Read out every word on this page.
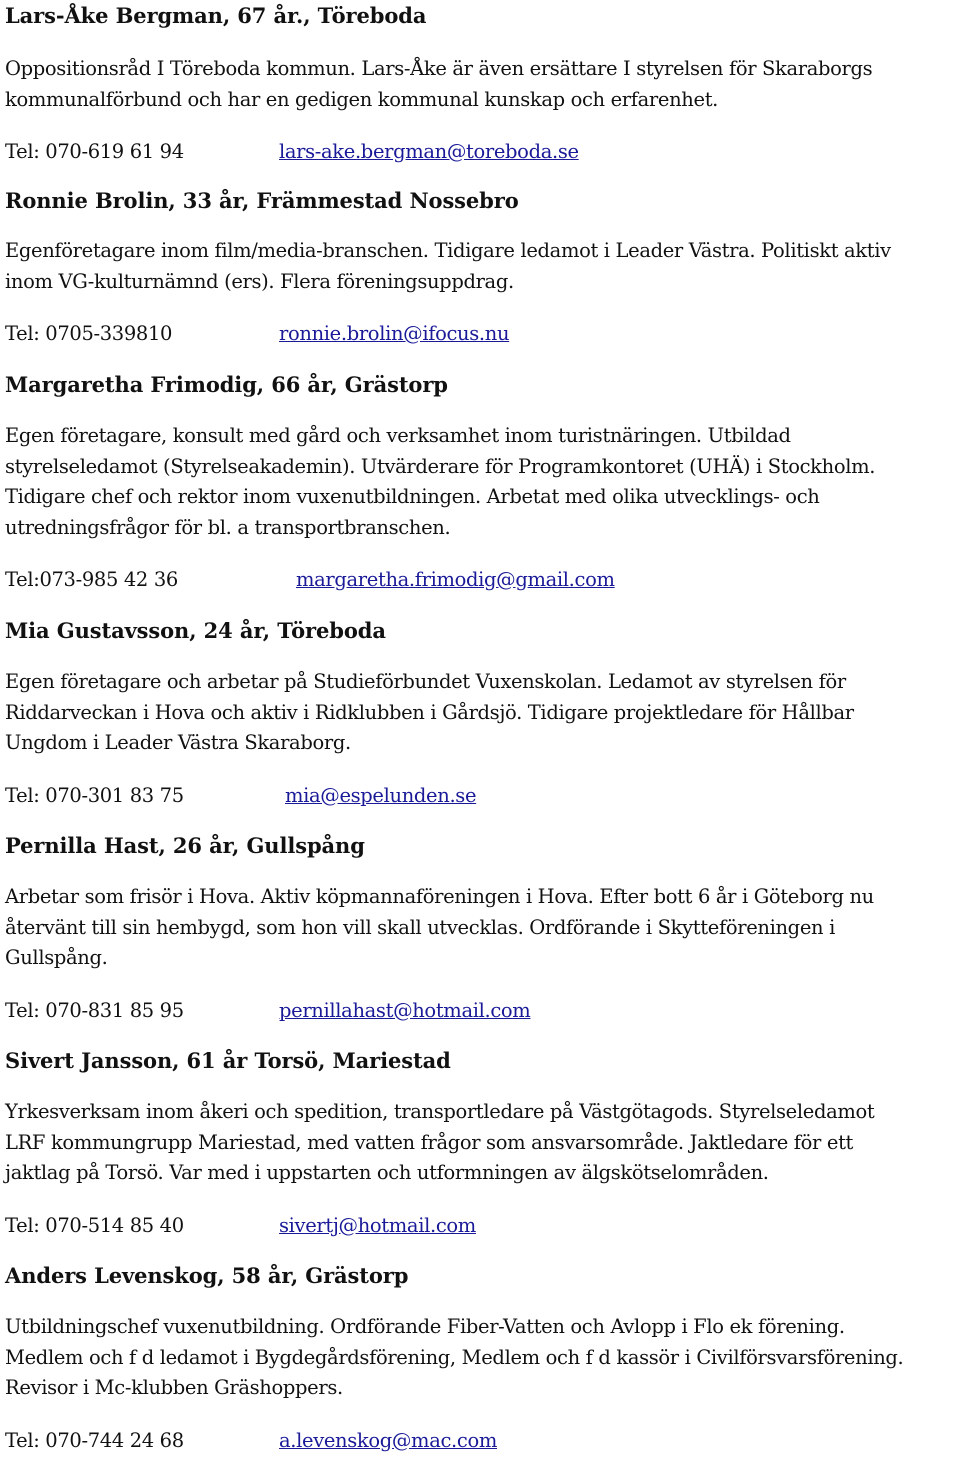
Lars-Åke Bergman, 67 år., Töreboda
Oppositionsråd I Töreboda kommun. Lars-Åke är även ersättare I styrelsen för Skaraborgs
kommunalförbund och har en gedigen kommunal kunskap och erfarenhet.
Tel: 070-619 61 94	lars-ake.bergman@toreboda.se
Ronnie Brolin, 33 år, Främmestad Nossebro
Egenföretagare inom film/media-branschen. Tidigare ledamot i Leader Västra. Politiskt aktiv
inom VG-kulturnämnd (ers). Flera föreningsuppdrag.
Tel: 0705-339810	ronnie.brolin@ifocus.nu
Margaretha Frimodig, 66 år, Grästorp
Egen företagare, konsult med gård och verksamhet inom turistnäringen. Utbildad
styrelseledamot (Styrelseakademin). Utvärderare för Programkontoret (UHÄ) i Stockholm.
Tidigare chef och rektor inom vuxenutbildningen. Arbetat med olika utvecklings- och
utredningsfrågor för bl. a transportbranschen.
Tel:073-985 42 36	margaretha.frimodig@gmail.com
Mia Gustavsson, 24 år, Töreboda
Egen företagare och arbetar på Studieförbundet Vuxenskolan. Ledamot av styrelsen för
Riddarveckan i Hova och aktiv i Ridklubben i Gårdsjö. Tidigare projektledare för Hållbar
Ungdom i Leader Västra Skaraborg.
Tel: 070-301 83 75	mia@espelunden.se
Pernilla Hast, 26 år, Gullspång
Arbetar som frisör i Hova. Aktiv köpmannaföreningen i Hova. Efter bott 6 år i Göteborg nu
återvänt till sin hembygd, som hon vill skall utvecklas. Ordförande i Skytteföreningen i
Gullspång.
Tel: 070-831 85 95	pernillahast@hotmail.com
Sivert Jansson, 61 år Torsö, Mariestad
Yrkesverksam inom åkeri och spedition, transportledare på Västgötagods. Styrelseledamot
LRF kommungrupp Mariestad, med vatten frågor som ansvarsområde. Jaktledare för ett
jaktlag på Torsö. Var med i uppstarten och utformningen av älgskötselområden.
Tel: 070-514 85 40	sivertj@hotmail.com
Anders Levenskog, 58 år, Grästorp
Utbildningschef vuxenutbildning. Ordförande Fiber-Vatten och Avlopp i Flo ek förening.
Medlem och f d ledamot i Bygdegårdsförening, Medlem och f d kassör i Civilförsvarsförening.
Revisor i Mc-klubben Gräshoppers.
Tel: 070-744 24 68	a.levenskog@mac.com
